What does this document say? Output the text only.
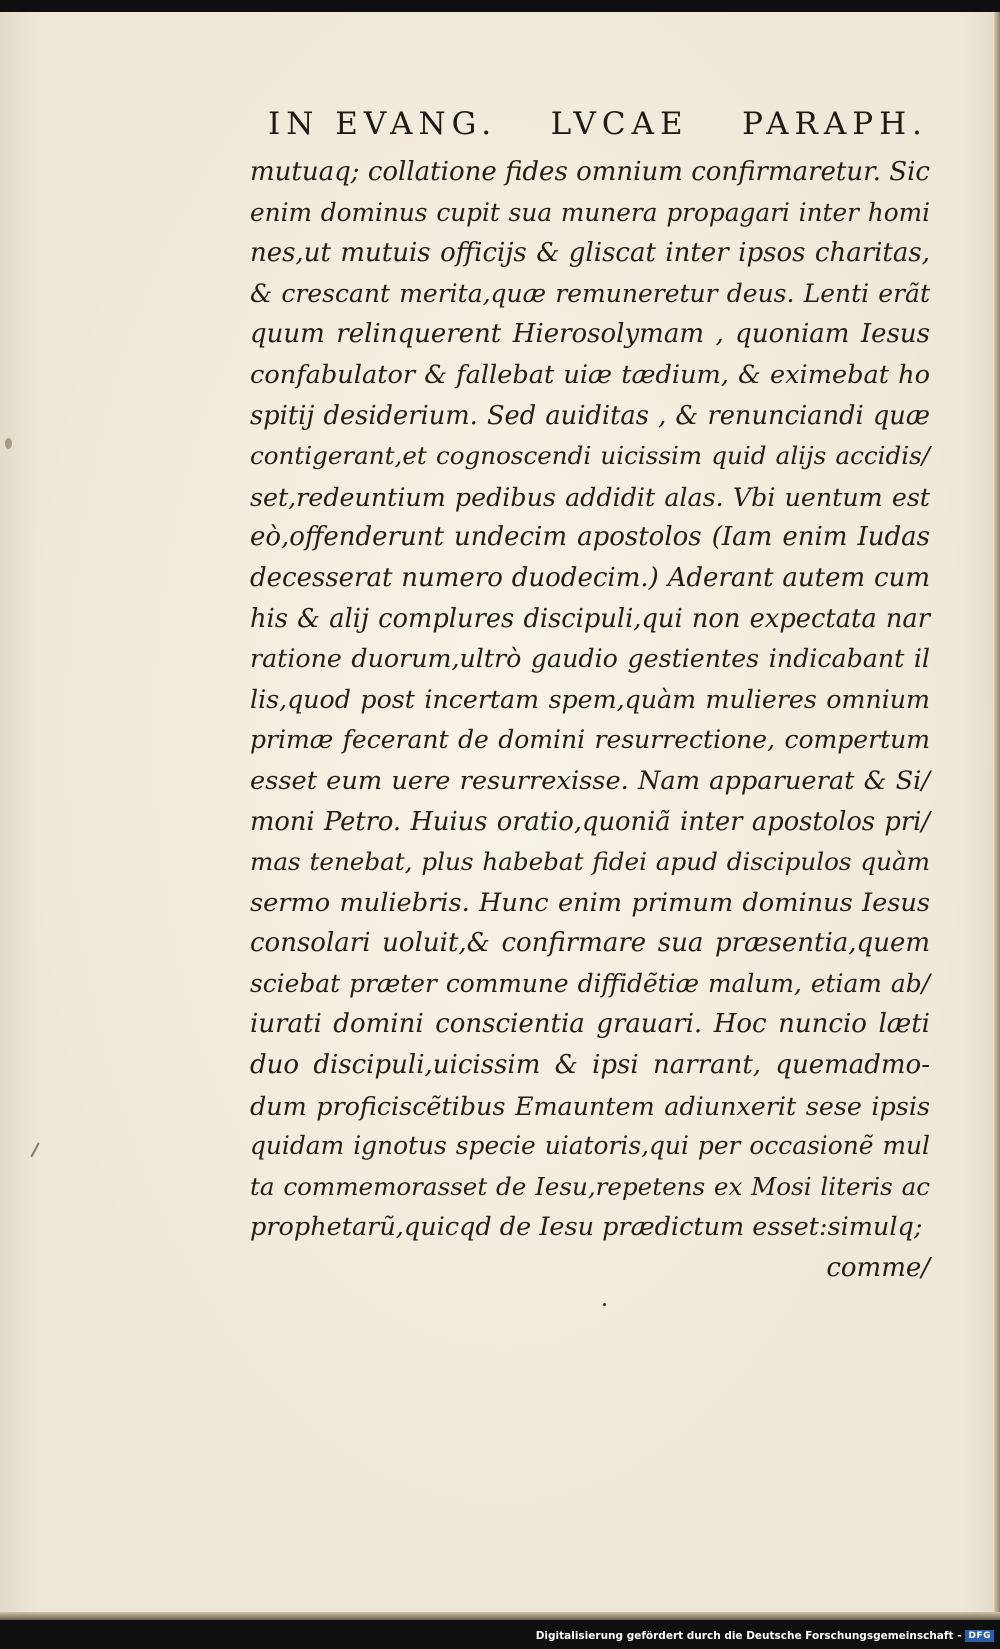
IN EVANG. LVCAE PARAPH.
mutuaq; collatione fides omnium confirmaretur. Sic
enim dominus cupit sua munera propagari inter homi
nes,ut mutuis officijs & gliscat inter ipsos charitas,
& crescant merita,quæ remuneretur deus. Lenti erãt
quum relinquerent Hierosolymam , quoniam Iesus
confabulator & fallebat uiæ tædium, & eximebat ho
spitij desiderium. Sed auiditas , & renunciandi quæ
contigerant,et cognoscendi uicissim quid alijs accidis/
set,redeuntium pedibus addidit alas. Vbi uentum est
eò,offenderunt undecim apostolos (Iam enim Iudas
decesserat numero duodecim.) Aderant autem cum
his & alij complures discipuli,qui non expectata nar
ratione duorum,ultrò gaudio gestientes indicabant il
lis,quod post incertam spem,quàm mulieres omnium
primæ fecerant de domini resurrectione, compertum
esset eum uere resurrexisse. Nam apparuerat & Si/
moni Petro. Huius oratio,quoniã inter apostolos pri/
mas tenebat, plus habebat fidei apud discipulos quàm
sermo muliebris. Hunc enim primum dominus Iesus
consolari uoluit,& confirmare sua præsentia,quem
sciebat præter commune diffidẽtiæ malum, etiam ab/
iurati domini conscientia grauari. Hoc nuncio læti
duo discipuli,uicissim & ipsi narrant, quemadmo-
dum proficiscẽtibus Emauntem adiunxerit sese ipsis
quidam ignotus specie uiatoris,qui per occasionẽ mul
ta commemorasset de Iesu,repetens ex Mosi literis ac
prophetarũ,quicqd de Iesu prædictum esset:simulq;
comme/
Digitalisierung gefördert durch die Deutsche Forschungsgemeinschaft - DFG
